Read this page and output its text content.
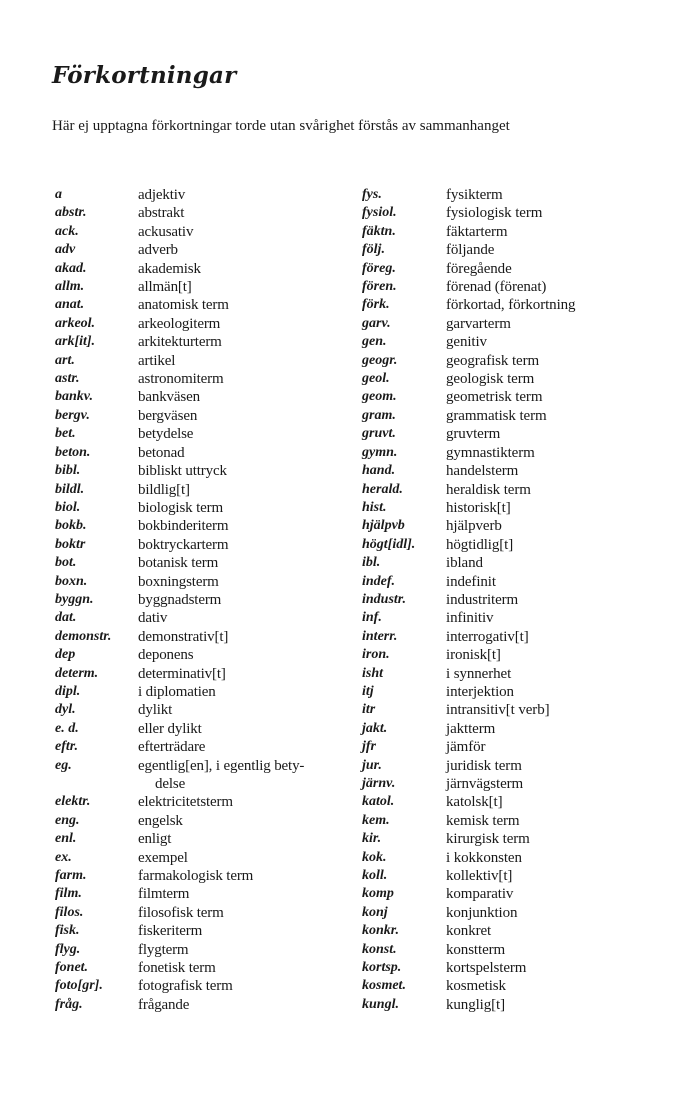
Förkortningar

Här ej upptagna förkortningar torde utan svårighet förstås av sammanhanget

a	adjektiv
abstr.	abstrakt
ack.	ackusativ
adv	adverb
akad.	akademisk
allm.	allmän[t]
anat.	anatomisk term
arkeol.	arkeologiterm
ark[it].	arkitekturterm
art.	artikel
astr.	astronomiterm
bankv.	bankväsen
bergv.	bergväsen
bet.	betydelse
beton.	betonad
bibl.	bibliskt uttryck
bildl.	bildlig[t]
biol.	biologisk term
bokb.	bokbinderiterm
boktr	boktryckarterm
bot.	botanisk term
boxn.	boxningsterm
byggn.	byggnadsterm
dat.	dativ
demonstr.	demonstrativ[t]
dep	deponens
determ.	determinativ[t]
dipl.	i diplomatien
dyl.	dylikt
e. d.	eller dylikt
eftr.	efterträdare
eg.	egentlig[en], i egentlig bety-
delse
elektr.	elektricitetsterm
eng.	engelsk
enl.	enligt
ex.	exempel
farm.	farmakologisk term
film.	filmterm
filos.	filosofisk term
fisk.	fiskeriterm
flyg.	flygterm
fonet.	fonetisk term
foto[gr].	fotografisk term
fråg.	frågande
fys.	fysikterm
fysiol.	fysiologisk term
fäktn.	fäktarterm
följ.	följande
föreg.	föregående
fören.	förenad (förenat)
förk.	förkortad, förkortning
garv.	garvarterm
gen.	genitiv
geogr.	geografisk term
geol.	geologisk term
geom.	geometrisk term
gram.	grammatisk term
gruvt.	gruvterm
gymn.	gymnastikterm
hand.	handelsterm
herald.	heraldisk term
hist.	historisk[t]
hjälpvb	hjälpverb
högt[idl].	högtidlig[t]
ibl.	ibland
indef.	indefinit
industr.	industriterm
inf.	infinitiv
interr.	interrogativ[t]
iron.	ironisk[t]
isht	i synnerhet
itj	interjektion
itr	intransitiv[t verb]
jakt.	jaktterm
jfr	jämför
jur.	juridisk term
järnv.	järnvägsterm
katol.	katolsk[t]
kem.	kemisk term
kir.	kirurgisk term
kok.	i kokkonsten
koll.	kollektiv[t]
komp	komparativ
konj	konjunktion
konkr.	konkret
konst.	konstterm
kortsp.	kortspelsterm
kosmet.	kosmetisk
kungl.	kunglig[t]
